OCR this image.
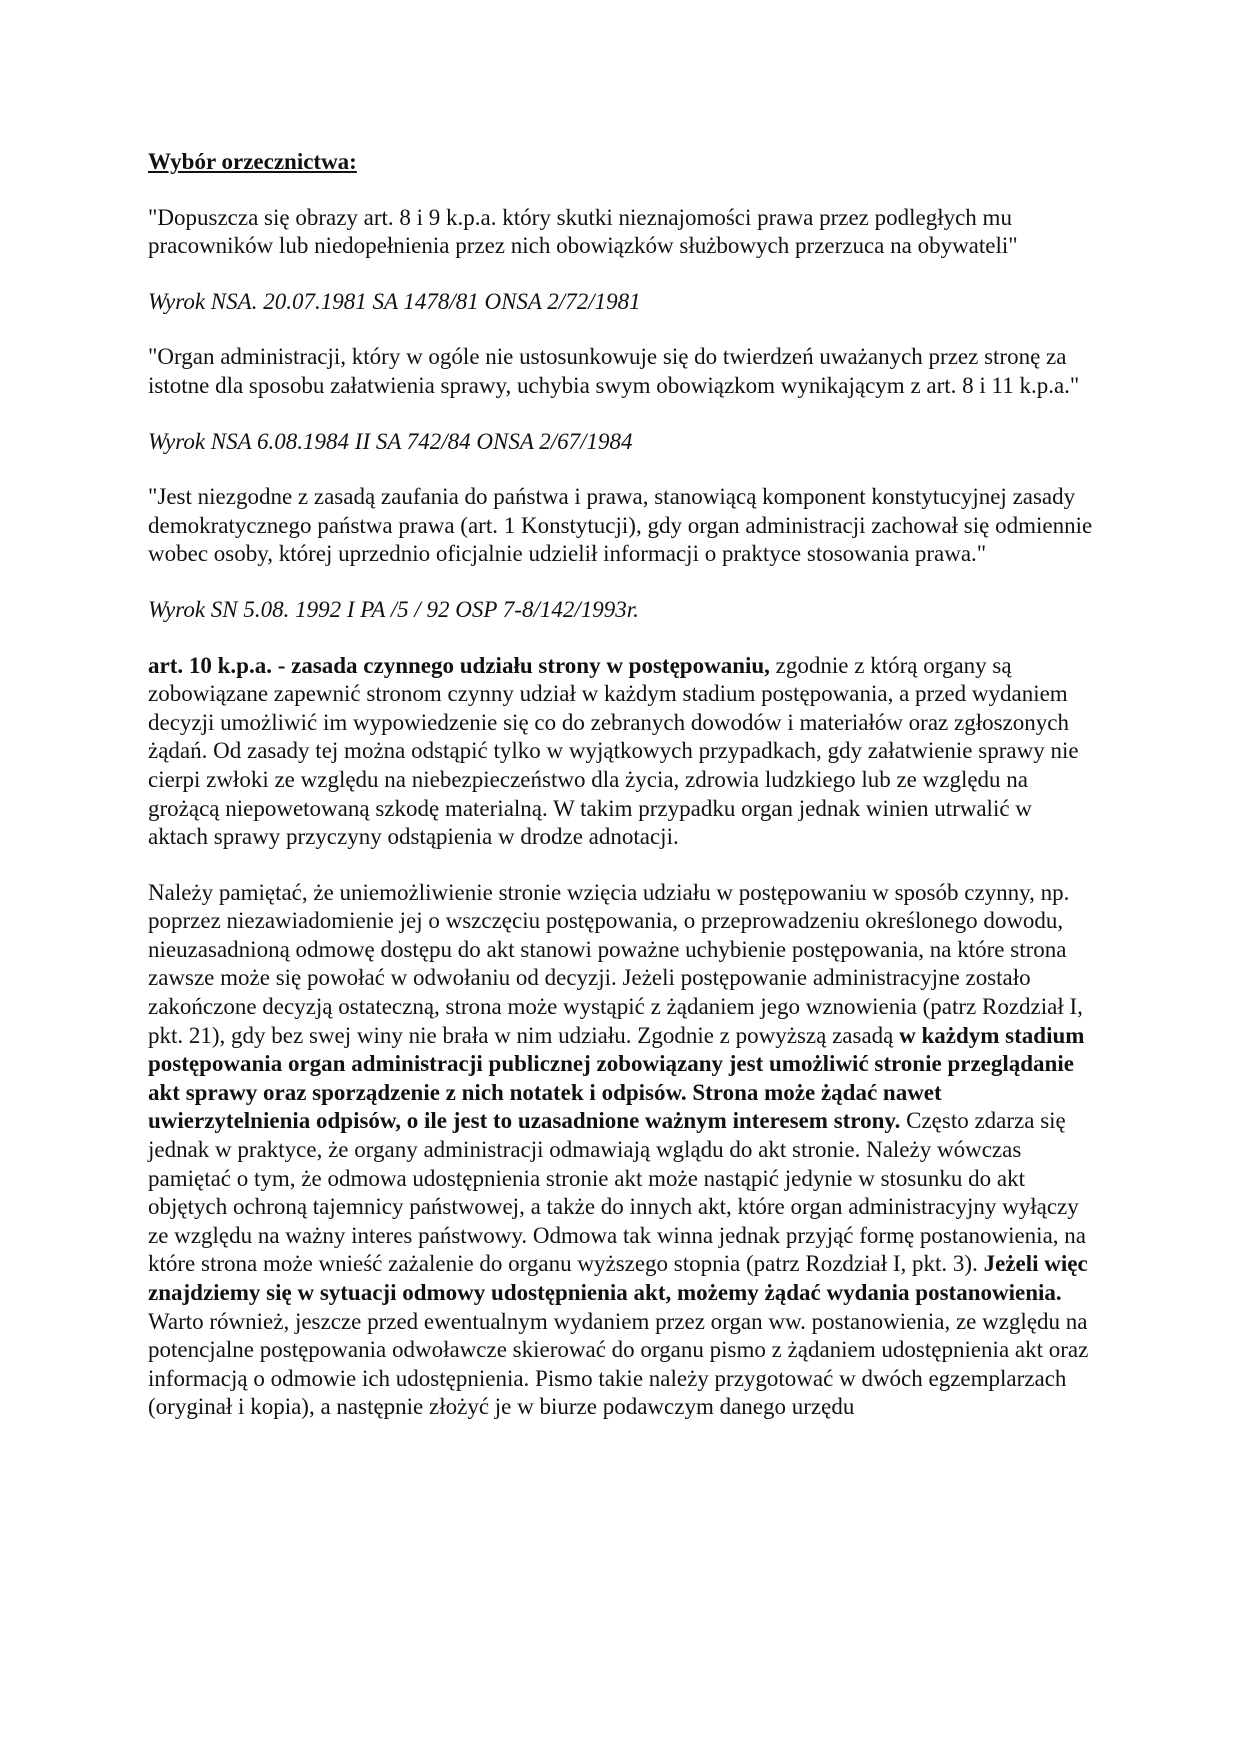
Wybór orzecznictwa:

"Dopuszcza się obrazy art. 8 i 9 k.p.a. który skutki nieznajomości prawa przez podległych mu pracowników lub niedopełnienia przez nich obowiązków służbowych przerzuca na obywateli"

Wyrok NSA. 20.07.1981 SA 1478/81 ONSA 2/72/1981

"Organ administracji, który w ogóle nie ustosunkowuje się do twierdzeń uważanych przez stronę za istotne dla sposobu załatwienia sprawy, uchybia swym obowiązkom wynikającym z art. 8 i 11 k.p.a."

Wyrok NSA 6.08.1984 II SA 742/84 ONSA 2/67/1984

"Jest niezgodne z zasadą zaufania do państwa i prawa, stanowiącą komponent konstytucyjnej zasady demokratycznego państwa prawa (art. 1 Konstytucji), gdy organ administracji zachował się odmiennie wobec osoby, której uprzednio oficjalnie udzielił informacji o praktyce stosowania prawa."

Wyrok SN 5.08. 1992 I PA /5 / 92 OSP 7-8/142/1993r.

art. 10 k.p.a. - zasada czynnego udziału strony w postępowaniu, zgodnie z którą organy są zobowiązane zapewnić stronom czynny udział w każdym stadium postępowania, a przed wydaniem decyzji umożliwić im wypowiedzenie się co do zebranych dowodów i materiałów oraz zgłoszonych żądań. Od zasady tej można odstąpić tylko w wyjątkowych przypadkach, gdy załatwienie sprawy nie cierpi zwłoki ze względu na niebezpieczeństwo dla życia, zdrowia ludzkiego lub ze względu na grożącą niepowetowaną szkodę materialną. W takim przypadku organ jednak winien utrwalić w aktach sprawy przyczyny odstąpienia w drodze adnotacji.

Należy pamiętać, że uniemożliwienie stronie wzięcia udziału w postępowaniu w sposób czynny, np. poprzez niezawiadomienie jej o wszczęciu postępowania, o przeprowadzeniu określonego dowodu, nieuzasadnioną odmowę dostępu do akt stanowi poważne uchybienie postępowania, na które strona zawsze może się powołać w odwołaniu od decyzji. Jeżeli postępowanie administracyjne zostało zakończone decyzją ostateczną, strona może wystąpić z żądaniem jego wznowienia (patrz Rozdział I, pkt. 21), gdy bez swej winy nie brała w nim udziału. Zgodnie z powyższą zasadą w każdym stadium postępowania organ administracji publicznej zobowiązany jest umożliwić stronie przeglądanie akt sprawy oraz sporządzenie z nich notatek i odpisów. Strona może żądać nawet uwierzytelnienia odpisów, o ile jest to uzasadnione ważnym interesem strony. Często zdarza się jednak w praktyce, że organy administracji odmawiają wglądu do akt stronie. Należy wówczas pamiętać o tym, że odmowa udostępnienia stronie akt może nastąpić jedynie w stosunku do akt objętych ochroną tajemnicy państwowej, a także do innych akt, które organ administracyjny wyłączy ze względu na ważny interes państwowy. Odmowa tak winna jednak przyjąć formę postanowienia, na które strona może wnieść zażalenie do organu wyższego stopnia (patrz Rozdział I, pkt. 3). Jeżeli więc znajdziemy się w sytuacji odmowy udostępnienia akt, możemy żądać wydania postanowienia. Warto również, jeszcze przed ewentualnym wydaniem przez organ ww. postanowienia, ze względu na potencjalne postępowania odwoławcze skierować do organu pismo z żądaniem udostępnienia akt oraz informacją o odmowie ich udostępnienia. Pismo takie należy przygotować w dwóch egzemplarzach (oryginał i kopia), a następnie złożyć je w biurze podawczym danego urzędu
